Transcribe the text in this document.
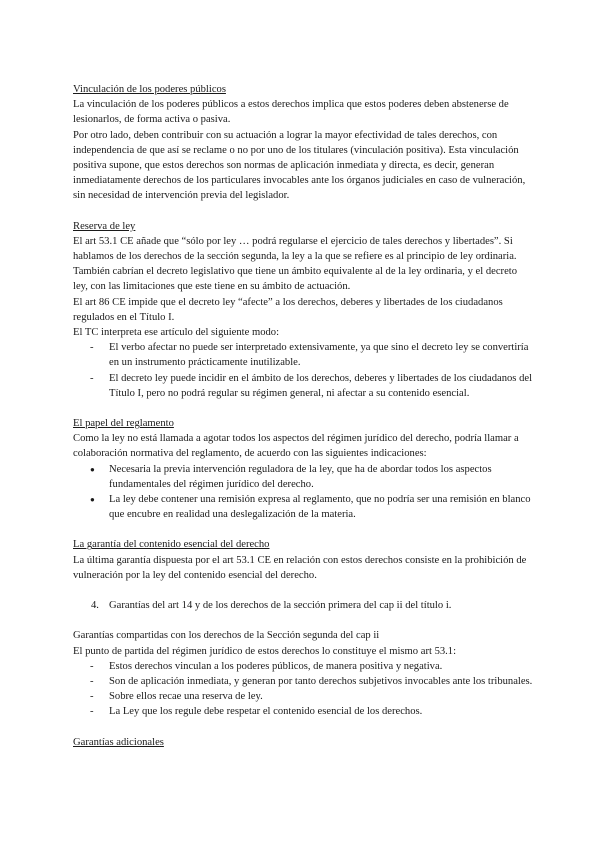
Vinculación de los poderes públicos

La vinculación de los poderes públicos a estos derechos implica que estos poderes deben abstenerse de lesionarlos, de forma activa o pasiva.

Por otro lado, deben contribuir con su actuación a lograr la mayor efectividad de tales derechos, con independencia de que así se reclame o no por uno de los titulares (vinculación positiva). Esta vinculación positiva supone, que estos derechos son normas de aplicación inmediata y directa, es decir, generan inmediatamente derechos de los particulares invocables ante los órganos judiciales en caso de vulneración, sin necesidad de intervención previa del legislador.

Reserva de ley

El art 53.1 CE añade que “sólo por ley … podrá regularse el ejercicio de tales derechos y libertades”. Si hablamos de los derechos de la sección segunda, la ley a la que se refiere es al principio de ley ordinaria. También cabrían el decreto legislativo que tiene un ámbito equivalente al de la ley ordinaria, y el decreto ley, con las limitaciones que este tiene en su ámbito de actuación.

El art 86 CE impide que el decreto ley “afecte” a los derechos, deberes y libertades de los ciudadanos regulados en el Título I.

El TC interpreta ese artículo del siguiente modo:

- El verbo afectar no puede ser interpretado extensivamente, ya que sino el decreto ley se convertiría en un instrumento prácticamente inutilizable.
- El decreto ley puede incidir en el ámbito de los derechos, deberes y libertades de los ciudadanos del Título I, pero no podrá regular su régimen general, ni afectar a su contenido esencial.

El papel del reglamento

Como la ley no está llamada a agotar todos los aspectos del régimen jurídico del derecho, podría llamar a colaboración normativa del reglamento, de acuerdo con las siguientes indicaciones:

● Necesaria la previa intervención reguladora de la ley, que ha de abordar todos los aspectos fundamentales del régimen jurídico del derecho.
● La ley debe contener una remisión expresa al reglamento, que no podría ser una remisión en blanco que encubre en realidad una deslegalización de la materia.

La garantía del contenido esencial del derecho

La última garantía dispuesta por el art 53.1 CE en relación con estos derechos consiste en la prohibición de vulneración por la ley del contenido esencial del derecho.

4. Garantías del art 14 y de los derechos de la sección primera del cap ii del título i.

Garantías compartidas con los derechos de la Sección segunda del cap ii

El punto de partida del régimen jurídico de estos derechos lo constituye el mismo art 53.1:

- Estos derechos vinculan a los poderes públicos, de manera positiva y negativa.
- Son de aplicación inmediata, y generan por tanto derechos subjetivos invocables ante los tribunales.
- Sobre ellos recae una reserva de ley.
- La Ley que los regule debe respetar el contenido esencial de los derechos.

Garantías adicionales
